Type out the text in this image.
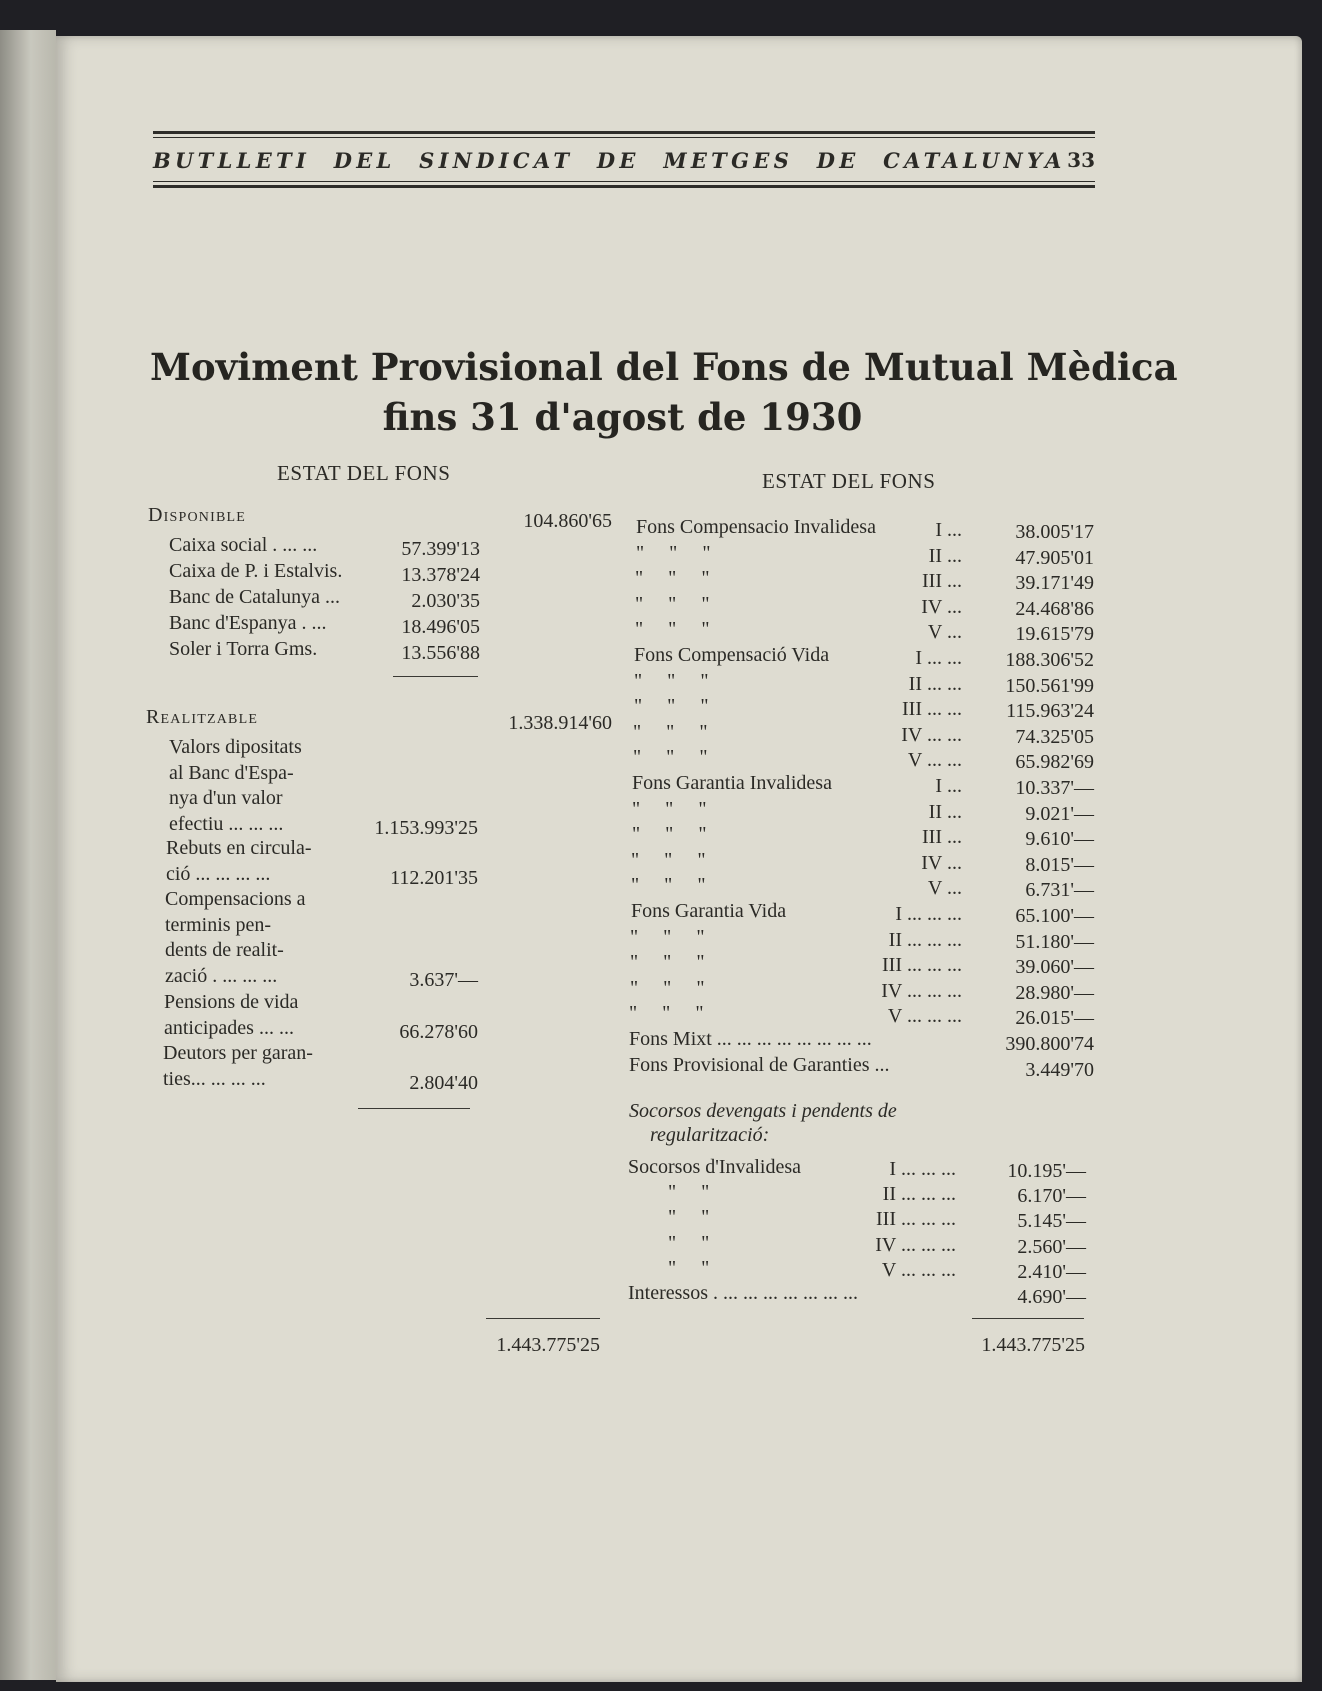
BUTLLETI DEL SINDICAT DE METGES DE CATALUNYA 33
Moviment Provisional del Fons de Mutual Mèdica
fins 31 d'agost de 1930
ESTAT DEL FONS	ESTAT DEL FONS
Disponible	104.860'65
Caixa social . ... ...	57.399'13
Caixa de P. i Estalvis.	13.378'24
Banc de Catalunya ...	2.030'35
Banc d'Espanya . ...	18.496'05
Soler i Torra Gms.	13.556'88
Realitzable	1.338.914'60
Valors dipositats
al Banc d'Espa-
nya d'un valor
efectiu ... ... ...	1.153.993'25
Rebuts en circula-
ció ... ... ... ...	112.201'35
Compensacions a
terminis pen-
dents de realit-
zació . ... ... ...	3.637'—
Pensions de vida
anticipades ... ...	66.278'60
Deutors per garan-
ties... ... ... ...	2.804'40
1.443.775'25
Fons Compensacio Invalidesa	I ...	38.005'17
"     "     "	II ...	47.905'01
"     "     "	III ...	39.171'49
"     "     "	IV ...	24.468'86
"     "     "	V ...	19.615'79
Fons Compensació Vida	I ... ...	188.306'52
"     "     "	II ... ...	150.561'99
"     "     "	III ... ...	115.963'24
"     "     "	IV ... ...	74.325'05
"     "     "	V ... ...	65.982'69
Fons Garantia Invalidesa	I ...	10.337'—
"     "     "	II ...	9.021'—
"     "     "	III ...	9.610'—
"     "     "	IV ...	8.015'—
"     "     "	V ...	6.731'—
Fons Garantia Vida	I ... ... ...	65.100'—
"     "     "	II ... ... ...	51.180'—
"     "     "	III ... ... ...	39.060'—
"     "     "	IV ... ... ...	28.980'—
"     "     "	V ... ... ...	26.015'—
Fons Mixt ... ... ... ... ... ... ... ...	390.800'74
Fons Provisional de Garanties ...	3.449'70
Socorsos devengats i pendents de
regularització:
Socorsos d'Invalidesa	I ... ... ...	10.195'—
"     "	II ... ... ...	6.170'—
"     "	III ... ... ...	5.145'—
"     "	IV ... ... ...	2.560'—
"     "	V ... ... ...	2.410'—
Interessos . ... ... ... ... ... ... ...	4.690'—
1.443.775'25
